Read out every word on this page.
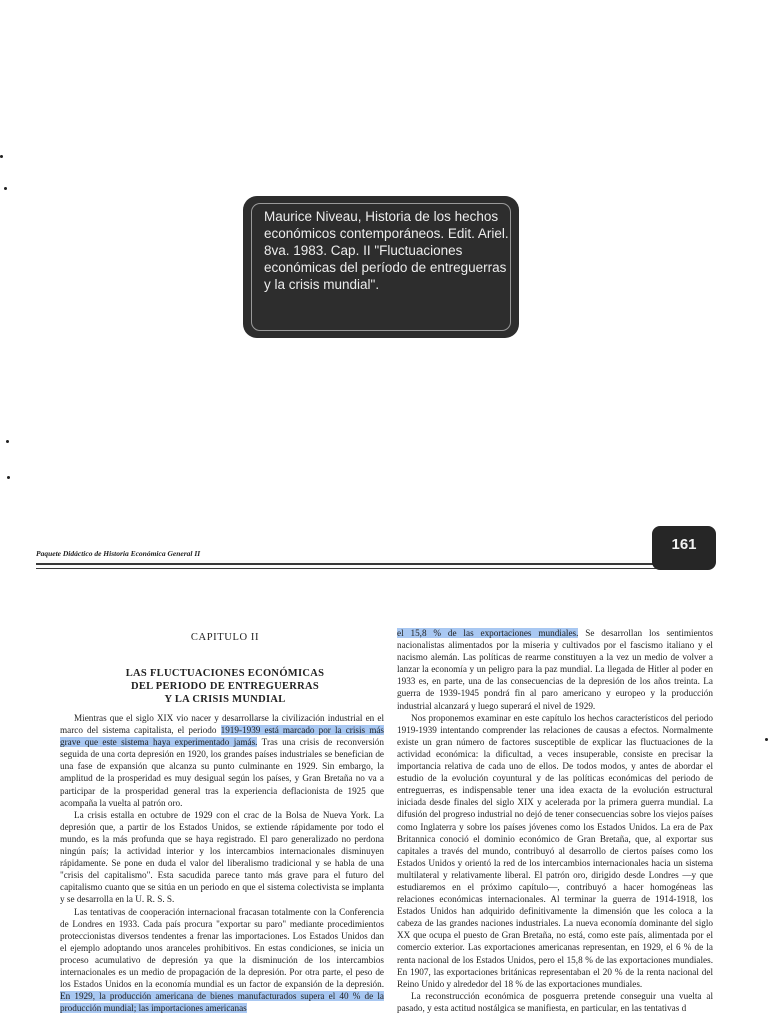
Maurice Niveau, Historia de los hechos económicos contemporáneos. Edit. Ariel. 8va. 1983. Cap. II "Fluctuaciones económicas del período de entreguerras y la crisis mundial".

Paquete Didáctico de Historia Económica General II
161
CAPITULO II
LAS FLUCTUACIONES ECONÓMICAS
DEL PERIODO DE ENTREGUERRAS
Y LA CRISIS MUNDIAL

Mientras que el siglo XIX vio nacer y desarrollarse la civilización industrial en el marco del sistema capitalista, el periodo 1919-1939 está marcado por la crisis más grave que este sistema haya experimentado jamás. Tras una crisis de reconversión seguida de una corta depresión en 1920, los grandes países industriales se benefician de una fase de expansión que alcanza su punto culminante en 1929. Sin embargo, la amplitud de la prosperidad es muy desigual según los países, y Gran Bretaña no va a participar de la prosperidad general tras la experiencia deflacionista de 1925 que acompaña la vuelta al patrón oro.

La crisis estalla en octubre de 1929 con el crac de la Bolsa de Nueva York. La depresión que, a partir de los Estados Unidos, se extiende rápidamente por todo el mundo, es la más profunda que se haya registrado. El paro generalizado no perdona ningún país; la actividad interior y los intercambios internacionales disminuyen rápidamente. Se pone en duda el valor del liberalismo tradicional y se habla de una "crisis del capitalismo". Esta sacudida parece tanto más grave para el futuro del capitalismo cuanto que se sitúa en un periodo en que el sistema colectivista se implanta y se desarrolla en la U. R. S. S.

Las tentativas de cooperación internacional fracasan totalmente con la Conferencia de Londres en 1933. Cada país procura "exportar su paro" mediante procedimientos proteccionistas diversos tendentes a frenar las importaciones. Los Estados Unidos dan el ejemplo adoptando unos aranceles prohibitivos. En estas condiciones, se inicia un proceso acumulativo de depresión ya que la disminución de los intercambios internacionales es un medio de propagación de la depresión. Por otra parte, el peso de los Estados Unidos en la economía mundial es un factor de expansión de la depresión. En 1929, la producción americana de bienes manufacturados supera el 40 % de la producción mundial; las importaciones americanas

el 15,8 % de las exportaciones mundiales. Se desarrollan los sentimientos nacionalistas alimentados por la miseria y cultivados por el fascismo italiano y el nacismo alemán. Las políticas de rearme constituyen a la vez un medio de volver a lanzar la economía y un peligro para la paz mundial. La llegada de Hitler al poder en 1933 es, en parte, una de las consecuencias de la depresión de los años treinta. La guerra de 1939-1945 pondrá fin al paro americano y europeo y la producción industrial alcanzará y luego superará el nivel de 1929.

Nos proponemos examinar en este capítulo los hechos característicos del periodo 1919-1939 intentando comprender las relaciones de causas a efectos. Normalmente existe un gran número de factores susceptible de explicar las fluctuaciones de la actividad económica: la dificultad, a veces insuperable, consiste en precisar la importancia relativa de cada uno de ellos. De todos modos, y antes de abordar el estudio de la evolución coyuntural y de las políticas económicas del periodo de entreguerras, es indispensable tener una idea exacta de la evolución estructural iniciada desde finales del siglo XIX y acelerada por la primera guerra mundial. La difusión del progreso industrial no dejó de tener consecuencias sobre los viejos países como Inglaterra y sobre los países jóvenes como los Estados Unidos. La era de Pax Britannica conoció el dominio económico de Gran Bretaña, que, al exportar sus capitales a través del mundo, contribuyó al desarrollo de ciertos países como los Estados Unidos y orientó la red de los intercambios internacionales hacia un sistema multilateral y relativamente liberal. El patrón oro, dirigido desde Londres —y que estudiaremos en el próximo capítulo—, contribuyó a hacer homogéneas las relaciones económicas internacionales. Al terminar la guerra de 1914-1918, los Estados Unidos han adquirido definitivamente la dimensión que les coloca a la cabeza de las grandes naciones industriales. La nueva economía dominante del siglo XX que ocupa el puesto de Gran Bretaña, no está, como este país, alimentada por el comercio exterior. Las exportaciones americanas representan, en 1929, el 6 % de la renta nacional de los Estados Unidos, pero el 15,8 % de las exportaciones mundiales. En 1907, las exportaciones británicas representaban el 20 % de la renta nacional del Reino Unido y alrededor del 18 % de las exportaciones mundiales.

La reconstrucción económica de posguerra pretende conseguir una vuelta al pasado, y esta actitud nostálgica se manifiesta, en particular, en las tentativas d
